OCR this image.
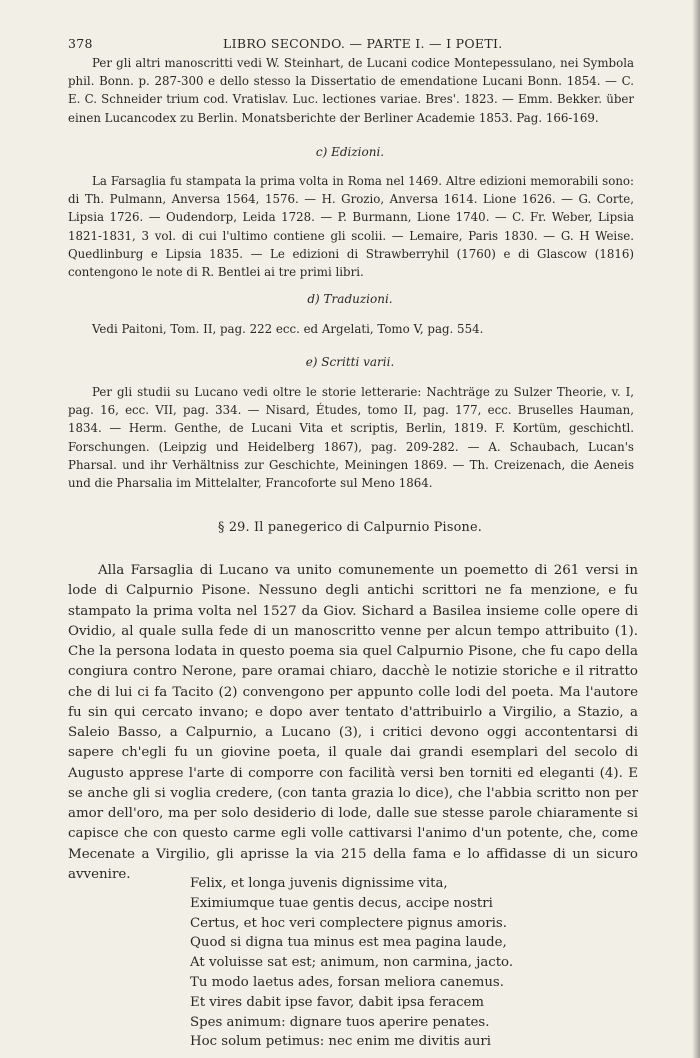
378	LIBRO SECONDO. — PARTE I. — I POETI.

Per gli altri manoscritti vedi W. Steinhart, de Lucani codice Montepessulano, nei Symbola phil. Bonn. p. 287-300 e dello stesso la Dissertatio de emendatione Lucani Bonn. 1854. — C. E. C. Schneider trium cod. Vratislav. Luc. lectiones variae. Bres'. 1823. — Emm. Bekker. über einen Lucancodex zu Berlin. Monatsberichte der Berliner Academie 1853. Pag. 166-169.

c) Edizioni.

La Farsaglia fu stampata la prima volta in Roma nel 1469. Altre edizioni memorabili sono: di Th. Pulmann, Anversa 1564, 1576. — H. Grozio, Anversa 1614. Lione 1626. — G. Corte, Lipsia 1726. — Oudendorp, Leida 1728. — P. Burmann, Lione 1740. — C. Fr. Weber, Lipsia 1821-1831, 3 vol. di cui l'ultimo contiene gli scolii. — Lemaire, Paris 1830. — G. H Weise. Quedlinburg e Lipsia 1835. — Le edizioni di Strawberryhil (1760) e di Glascow (1816) contengono le note di R. Bentlei ai tre primi libri.

d) Traduzioni.

Vedi Paitoni, Tom. II, pag. 222 ecc. ed Argelati, Tomo V, pag. 554.

e) Scritti varii.

Per gli studii su Lucano vedi oltre le storie letterarie: Nachträge zu Sulzer Theorie, v. I, pag. 16, ecc. VII, pag. 334. — Nisard, Études, tomo II, pag. 177, ecc. Bruselles Hauman, 1834. — Herm. Genthe, de Lucani Vita et scriptis, Berlin, 1819. F. Kortüm, geschichtl. Forschungen. (Leipzig und Heidelberg 1867), pag. 209-282. — A. Schaubach, Lucan's Pharsal. und ihr Verhältniss zur Geschichte, Meiningen 1869. — Th. Creizenach, die Aeneis und die Pharsalia im Mittelalter, Francoforte sul Meno 1864.

§ 29. Il panegerico di Calpurnio Pisone.

Alla Farsaglia di Lucano va unito comunemente un poemetto di 261 versi in lode di Calpurnio Pisone. Nessuno degli antichi scrittori ne fa menzione, e fu stampato la prima volta nel 1527 da Giov. Sichard a Basilea insieme colle opere di Ovidio, al quale sulla fede di un manoscritto venne per alcun tempo attribuito (1). Che la persona lodata in questo poema sia quel Calpurnio Pisone, che fu capo della congiura contro Nerone, pare oramai chiaro, dacchè le notizie storiche e il ritratto che di lui ci fa Tacito (2) convengono per appunto colle lodi del poeta. Ma l'autore fu sin qui cercato invano; e dopo aver tentato d'attribuirlo a Virgilio, a Stazio, a Saleio Basso, a Calpurnio, a Lucano (3), i critici devono oggi accontentarsi di sapere ch'egli fu un giovine poeta, il quale dai grandi esemplari del secolo di Augusto apprese l'arte di comporre con facilità versi ben torniti ed eleganti (4). E se anche gli si voglia credere, (con tanta grazia lo dice), che l'abbia scritto non per amor dell'oro, ma per solo desiderio di lode, dalle sue stesse parole chiaramente si capisce che con questo carme egli volle cattivarsi l'animo d'un potente, che, come Mecenate a Virgilio, gli aprisse la via 215 della fama e lo affidasse di un sicuro avvenire.

Felix, et longa juvenis dignissime vita,
Eximiumque tuae gentis decus, accipe nostri
Certus, et hoc veri complectere pignus amoris.
Quod si digna tua minus est mea pagina laude,
At voluisse sat est; animum, non carmina, jacto.
Tu modo laetus ades, forsan meliora canemus.
Et vires dabit ipse favor, dabit ipsa feracem
Spes animum: dignare tuos aperire penates.
Hoc solum petimus: nec enim me divitis auri
